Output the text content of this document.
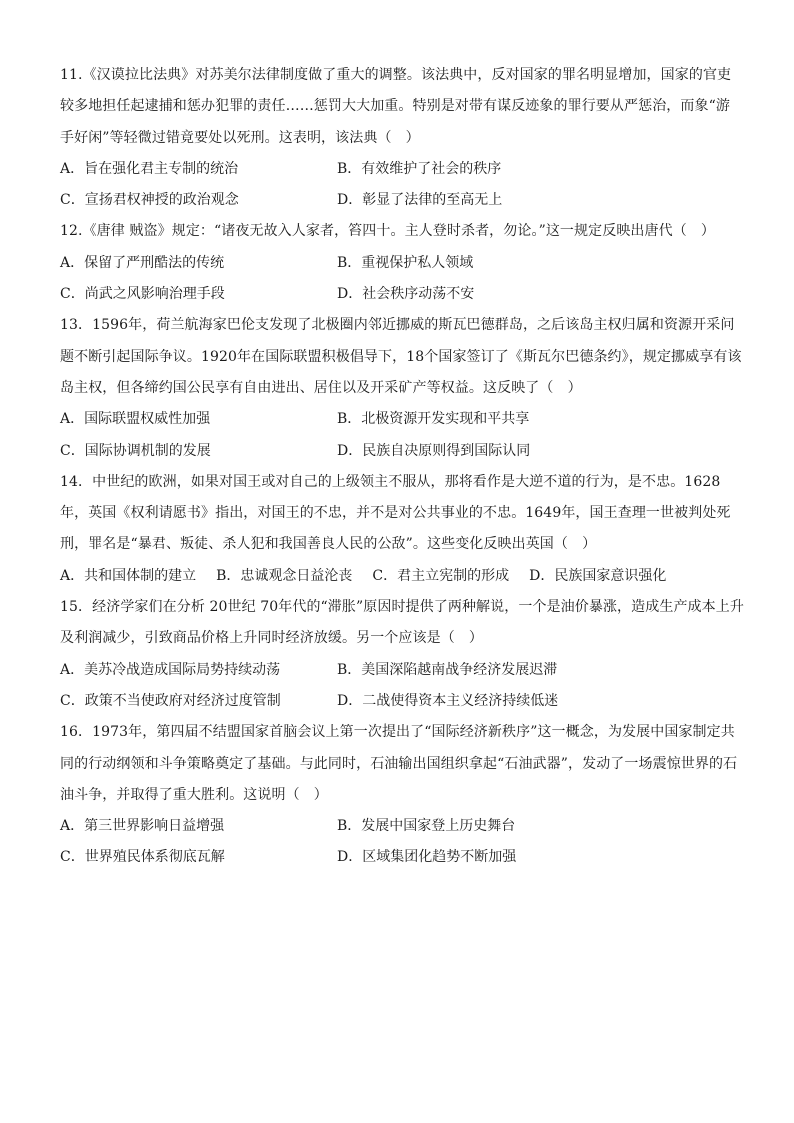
11.《汉谟拉比法典》对苏美尔法律制度做了重大的调整。该法典中，反对国家的罪名明显增加，国家的官吏较多地担任起逮捕和惩办犯罪的责任……惩罚大大加重。特别是对带有谋反迹象的罪行要从严惩治，而象“游手好闲”等轻微过错竟要处以死刑。这表明，该法典（　）

A．旨在强化君主专制的统治	B．有效维护了社会的秩序
C．宣扬君权神授的政治观念	D．彰显了法律的至高无上

12.《唐律 贼盗》规定：“诸夜无故入人家者，笞四十。主人登时杀者，勿论。”这一规定反映出唐代（　）

A．保留了严刑酷法的传统	B．重视保护私人领域
C．尚武之风影响治理手段	D．社会秩序动荡不安

13．1596年，荷兰航海家巴伦支发现了北极圈内邻近挪威的斯瓦巴德群岛，之后该岛主权归属和资源开采问题不断引起国际争议。1920年在国际联盟积极倡导下，18个国家签订了《斯瓦尔巴德条约》，规定挪威享有该岛主权，但各缔约国公民享有自由进出、居住以及开采矿产等权益。这反映了（　）

A．国际联盟权威性加强	B．北极资源开发实现和平共享
C．国际协调机制的发展	D．民族自决原则得到国际认同

14．中世纪的欧洲，如果对国王或对自己的上级领主不服从，那将看作是大逆不道的行为，是不忠。1628年，英国《权利请愿书》指出，对国王的不忠，并不是对公共事业的不忠。1649年，国王查理一世被判处死刑，罪名是“暴君、叛徒、杀人犯和我国善良人民的公敌”。这些变化反映出英国（　）

A．共和国体制的建立 B．忠诚观念日益沦丧 C．君主立宪制的形成 D．民族国家意识强化

15．经济学家们在分析 20世纪 70年代的“滞胀”原因时提供了两种解说，一个是油价暴涨，造成生产成本上升及利润减少，引致商品价格上升同时经济放缓。另一个应该是（　）

A．美苏冷战造成国际局势持续动荡	B．美国深陷越南战争经济发展迟滞
C．政策不当使政府对经济过度管制	D．二战使得资本主义经济持续低迷

16．1973年，第四届不结盟国家首脑会议上第一次提出了“国际经济新秩序”这一概念，为发展中国家制定共同的行动纲领和斗争策略奠定了基础。与此同时，石油输出国组织拿起“石油武器”，发动了一场震惊世界的石油斗争，并取得了重大胜利。这说明（　）

A．第三世界影响日益增强	B．发展中国家登上历史舞台
C．世界殖民体系彻底瓦解	D．区域集团化趋势不断加强
